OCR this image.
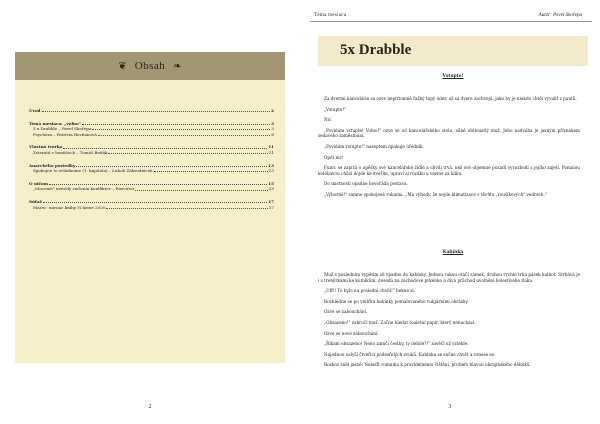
❦ Obsah ❧
Úvod	2
Téma mesiaca: „voľno"	3
5 x Drabble – Pavel Skořepa	3
Psychóza – Patrícia Rovňanová	6
Vlastná tvorba	11
Zvieratá v hanúšoch – Tomáš Beňák	11
Anarckého poviedky	13
Spokojne to zvládneme (1. kapitola) – Lubob Zábrodnícek	13
O ničom	15
„Mocemé" metódy riešenia konfliktov – Executor	15
Súťaž	17
Marec- mesiac knihy či hiene 2020	17
2
Téma mesiaca	Autor: Pavel Skořepa
5x Drabble
Vstupte!

Za dvermi kancelárie sa ozve neprítomné ťažký tupý úder, až sa dvere zachvejú, jako by je niekdo chtěl vyvaliť z pantů.

„Vstupte!"

Nic.

„Povídám vstupte! Volno!" ozve se od kancelářského stolu, silně obtloustlý muž. Jeho nadváha je jasným příznakem sedavého zaměstnání.

„Povídám vstupte!" naseptem opakuje úředník.

Opět nic!

Funíc se zapírá o opěrky své kancelářské židle a chvíli trvá, než své objemné pozadí vyvozbodí z jejího zajetí. Pomalou kolébavou chůzí dojde ke dveřím, upraví si rozdku a vezme za kliku.

Do místnosti opadne hovořádá postava.

„Výborně!" zamne spokojeně rukama. „Má výhody, že nejde klimatizace v těchto „roušíkových" vedrech."

Kabínka

Muž s posledním vypětím sil vpadne do kabínky. Jednou rukou otáčí zámek, druhou rychle trhá pásek kalhot. Strhává je i s trenýrkami ke kotníkům, dosedá na záchodové prkénko a dívá průchod uvolnění bolestivého tlaku.

„Uff!! To bylo na poslední chvíli!" hekne si.

Rozhlédne se po vnitřku kabínky pomalovaného vulgárními obrázky.

Ozve se zabouchání.

„Obsazeno!" zabručí muž. Začne hledat toaletní papír, který nenachází.

Ozve se nové zabouchání.

„Říkám obsazeno! Neno zamčí čestky, ty debile?!" zavěčí už vztekle.

Najednou uslyší čtveřicí podezřelých zvuků. Kabínka se začne chvět a vznese se.

Roskoz zněl jasně: Nelezťt roinniku k pravidelnému čištění, protlefo hlavou ukrajinského dělníků.

3
